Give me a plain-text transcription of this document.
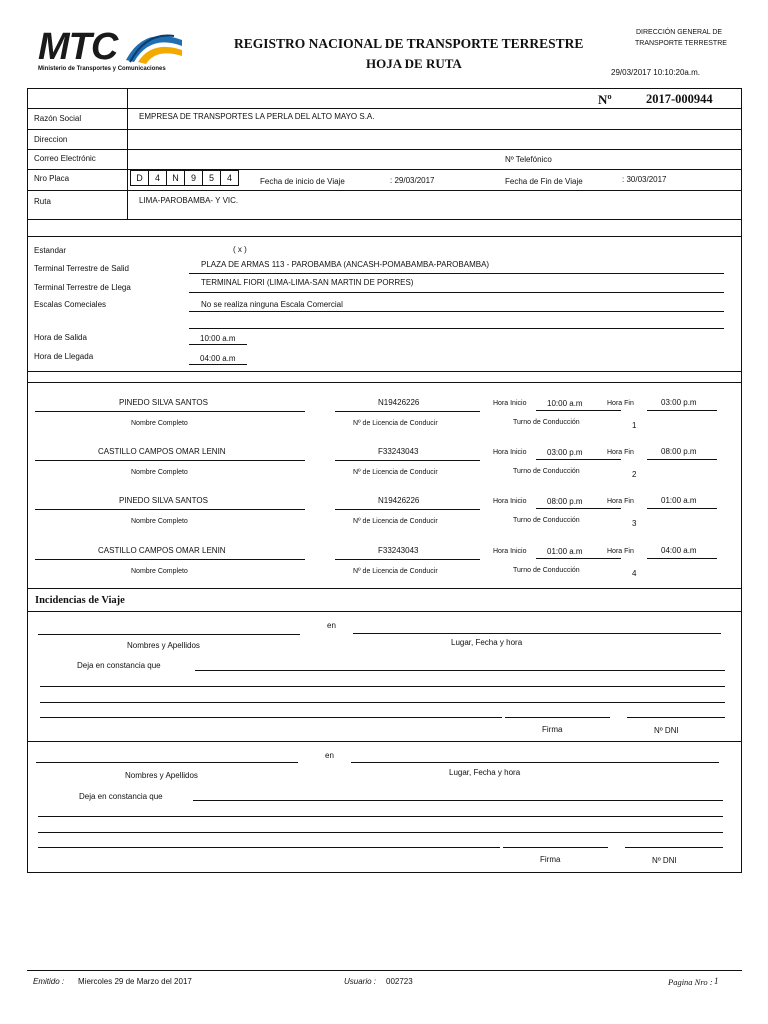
MTC
Ministerio de Transportes y Comunicaciones
REGISTRO NACIONAL DE TRANSPORTE TERRESTRE
HOJA DE RUTA
DIRECCIÓN GENERAL DE
TRANSPORTE TERRESTRE
29/03/2017 10:10:20a.m.
Nº	2017-000944
Razón Social	EMPRESA DE TRANSPORTES LA PERLA DEL ALTO MAYO S.A.
Direccion
Correo Electrónic	Nº Telefónico
Nro Placa	D	4	N	9	5	4	Fecha de inicio de Viaje	: 29/03/2017	Fecha de Fin de Viaje	: 30/03/2017
Ruta	LIMA-PAROBAMBA- Y VIC.
Estandar	( x )
Terminal Terrestre de Salid	PLAZA DE ARMAS 113 - PAROBAMBA (ANCASH-POMABAMBA-PAROBAMBA)
Terminal Terrestre de Llega
TERMINAL FIORI (LIMA-LIMA-SAN MARTIN DE PORRES)
Escalas Comeciales	No se realiza ninguna Escala Comercial
Hora de Salida	10:00 a.m
Hora de Llegada	04:00 a.m
PINEDO SILVA SANTOS
Nombre Completo
N19426226
Nº de Licencia de Conducir
Hora Inicio	10:00 a.m	Hora Fin	03:00 p.m
Turno de Conducción	1
CASTILLO CAMPOS OMAR LENIN
Nombre Completo
F33243043
Nº de Licencia de Conducir
Hora Inicio	03:00 p.m	Hora Fin	08:00 p.m
Turno de Conducción	2
PINEDO SILVA SANTOS
Nombre Completo
N19426226
Nº de Licencia de Conducir
Hora Inicio	08:00 p.m	Hora Fin	01:00 a.m
Turno de Conducción	3
CASTILLO CAMPOS OMAR LENIN
Nombre Completo
F33243043
Nº de Licencia de Conducir
Hora Inicio	01:00 a.m	Hora Fin	04:00 a.m
Turno de Conducción	4
Incidencias de Viaje
en
Nombres y Apellidos	Lugar, Fecha y hora
Deja en constancia que
Firma	Nº DNI
en
Nombres y Apellidos	Lugar, Fecha y hora
Deja en constancia que
Firma	Nº DNI
Emitido : Miercoles 29 de Marzo del 2017	Usuario : 002723	Pagina Nro : 1
